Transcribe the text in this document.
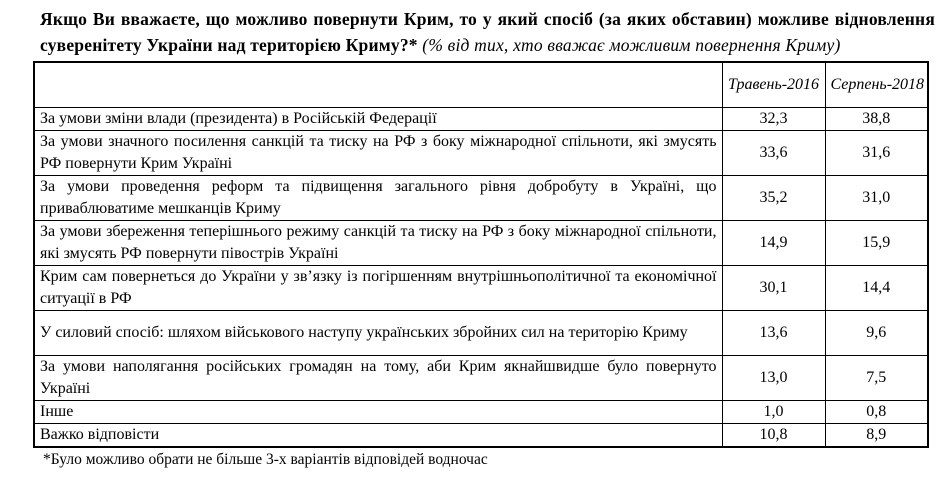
Якщо Ви вважаєте, що можливо повернути Крим, то у який спосіб (за яких обставин) можливе відновлення суверенітету України над територією Криму?* (% від тих, хто вважає можливим повернення Криму)

	Травень-2016	Серпень-2018
За умови зміни влади (президента) в Російській Федерації	32,3	38,8
За умови значного посилення санкцій та тиску на РФ з боку міжнародної спільноти, які змусять РФ повернути Крим Україні	33,6	31,6
За умови проведення реформ та підвищення загального рівня добробуту в Україні, що приваблюватиме мешканців Криму	35,2	31,0
За умови збереження теперішнього режиму санкцій та тиску на РФ з боку міжнародної спільноти, які змусять РФ повернути півострів Україні	14,9	15,9
Крим сам повернеться до України у зв’язку із погіршенням внутрішньополітичної та економічної ситуації в РФ	30,1	14,4
У силовий спосіб: шляхом військового наступу українських збройних сил на територію Криму	13,6	9,6
За умови наполягання російських громадян на тому, аби Крим якнайшвидше було повернуто Україні	13,0	7,5
Інше	1,0	0,8
Важко відповісти	10,8	8,9

*Було можливо обрати не більше 3-х варіантів відповідей водночас
